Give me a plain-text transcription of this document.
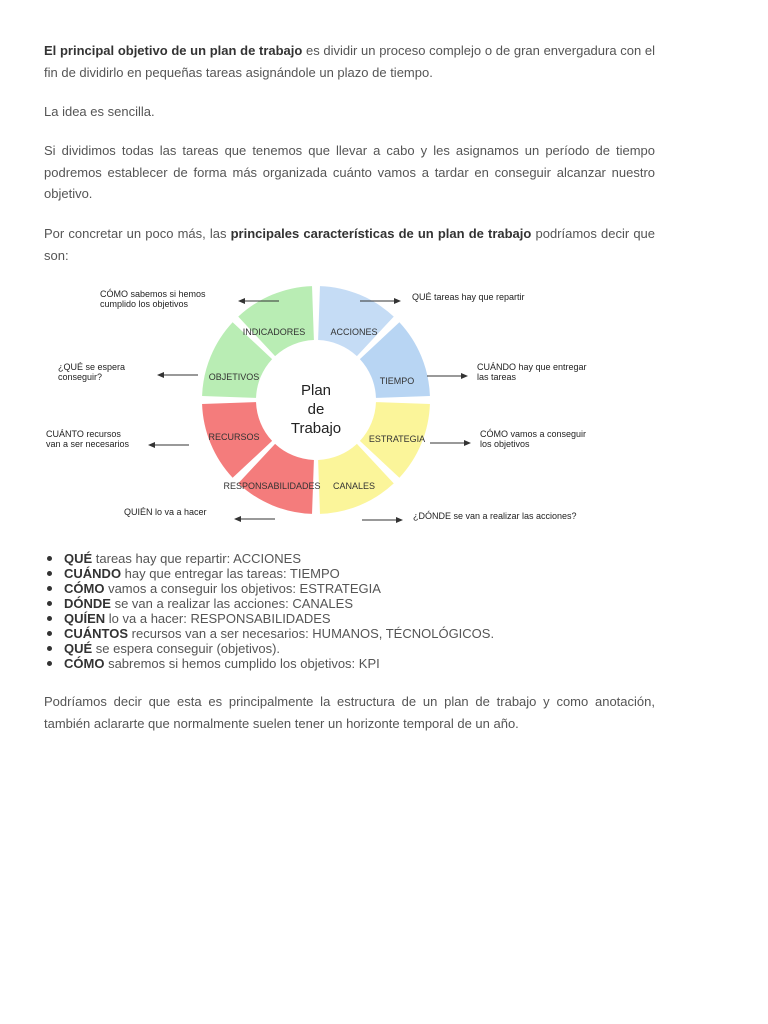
El principal objetivo de un plan de trabajo es dividir un proceso complejo o de gran envergadura con el fin de dividirlo en pequeñas tareas asignándole un plazo de tiempo.

La idea es sencilla.

Si dividimos todas las tareas que tenemos que llevar a cabo y les asignamos un período de tiempo podremos establecer de forma más organizada cuánto vamos a tardar en conseguir alcanzar nuestro objetivo.

Por concretar un poco más, las principales características de un plan de trabajo podríamos decir que son:

ACCIONES
TIEMPO
ESTRATEGIA
CANALES
RESPONSABILIDADES
RECURSOS
OBJETIVOS
INDICADORES
Plan
de
Trabajo
CÓMO sabemos si hemos
cumplido los objetivos
QUÉ tareas hay que repartir
¿QUÉ se espera
conseguir?
CUÁNDO hay que entregar
las tareas
CUÁNTO recursos
van a ser necesarios
CÓMO vamos a conseguir
los objetivos
QUIÉN lo va a hacer	¿DÓNDE se van a realizar las acciones?
QUÉ tareas hay que repartir: ACCIONES
CUÁNDO hay que entregar las tareas: TIEMPO
CÓMO vamos a conseguir los objetivos: ESTRATEGIA
DÓNDE se van a realizar las acciones: CANALES
QUÍEN lo va a hacer: RESPONSABILIDADES
CUÁNTOS recursos van a ser necesarios: HUMANOS, TÉCNOLÓGICOS.
QUÉ se espera conseguir (objetivos).
CÓMO sabremos si hemos cumplido los objetivos: KPI

Podríamos decir que esta es principalmente la estructura de un plan de trabajo y como anotación, también aclararte que normalmente suelen tener un horizonte temporal de un año.
